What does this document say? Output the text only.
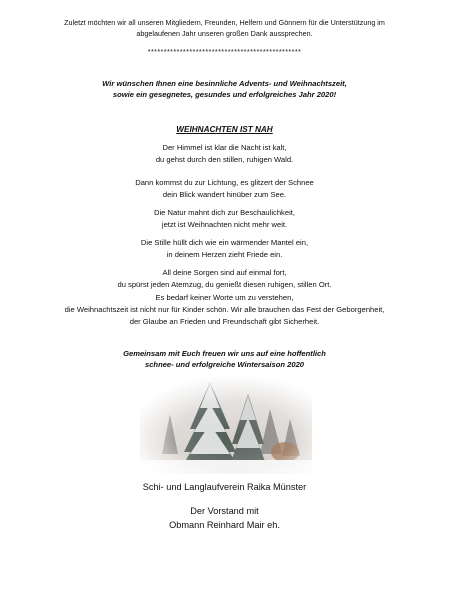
Zuletzt möchten wir all unseren Mitgliedern, Freunden, Helfern und Gönnern für die Unterstützung im
abgelaufenen Jahr unseren großen Dank aussprechen.
************************************************
Wir wünschen Ihnen eine besinnliche Advents- und Weihnachtszeit,
sowie ein gesegnetes, gesundes und erfolgreiches Jahr 2020!
WEIHNACHTEN IST NAH
Der Himmel ist klar die Nacht ist kalt,
du gehst durch den stillen, ruhigen Wald.
Dann kommst du zur Lichtung, es glitzert der Schnee
dein Blick wandert hinüber zum See.
Die Natur mahnt dich zur Beschaulichkeit,
jetzt ist Weihnachten nicht mehr weit.
Die Stille hüllt dich wie ein wärmender Mantel ein,
in deinem Herzen zieht Friede ein.
All deine Sorgen sind auf einmal fort,
du spürst jeden Atemzug, du genießt diesen ruhigen, stillen Ort.
Es bedarf keiner Worte um zu verstehen,
die Weihnachtszeit ist nicht nur für Kinder schön. Wir alle brauchen das Fest der Geborgenheit,
der Glaube an Frieden und Freundschaft gibt Sicherheit.
Gemeinsam mit Euch freuen wir uns auf eine hoffentlich
schnee- und erfolgreiche Wintersaison 2020
Schi- und Langlaufverein Raika Münster
Der Vorstand mit
Obmann Reinhard Mair eh.
